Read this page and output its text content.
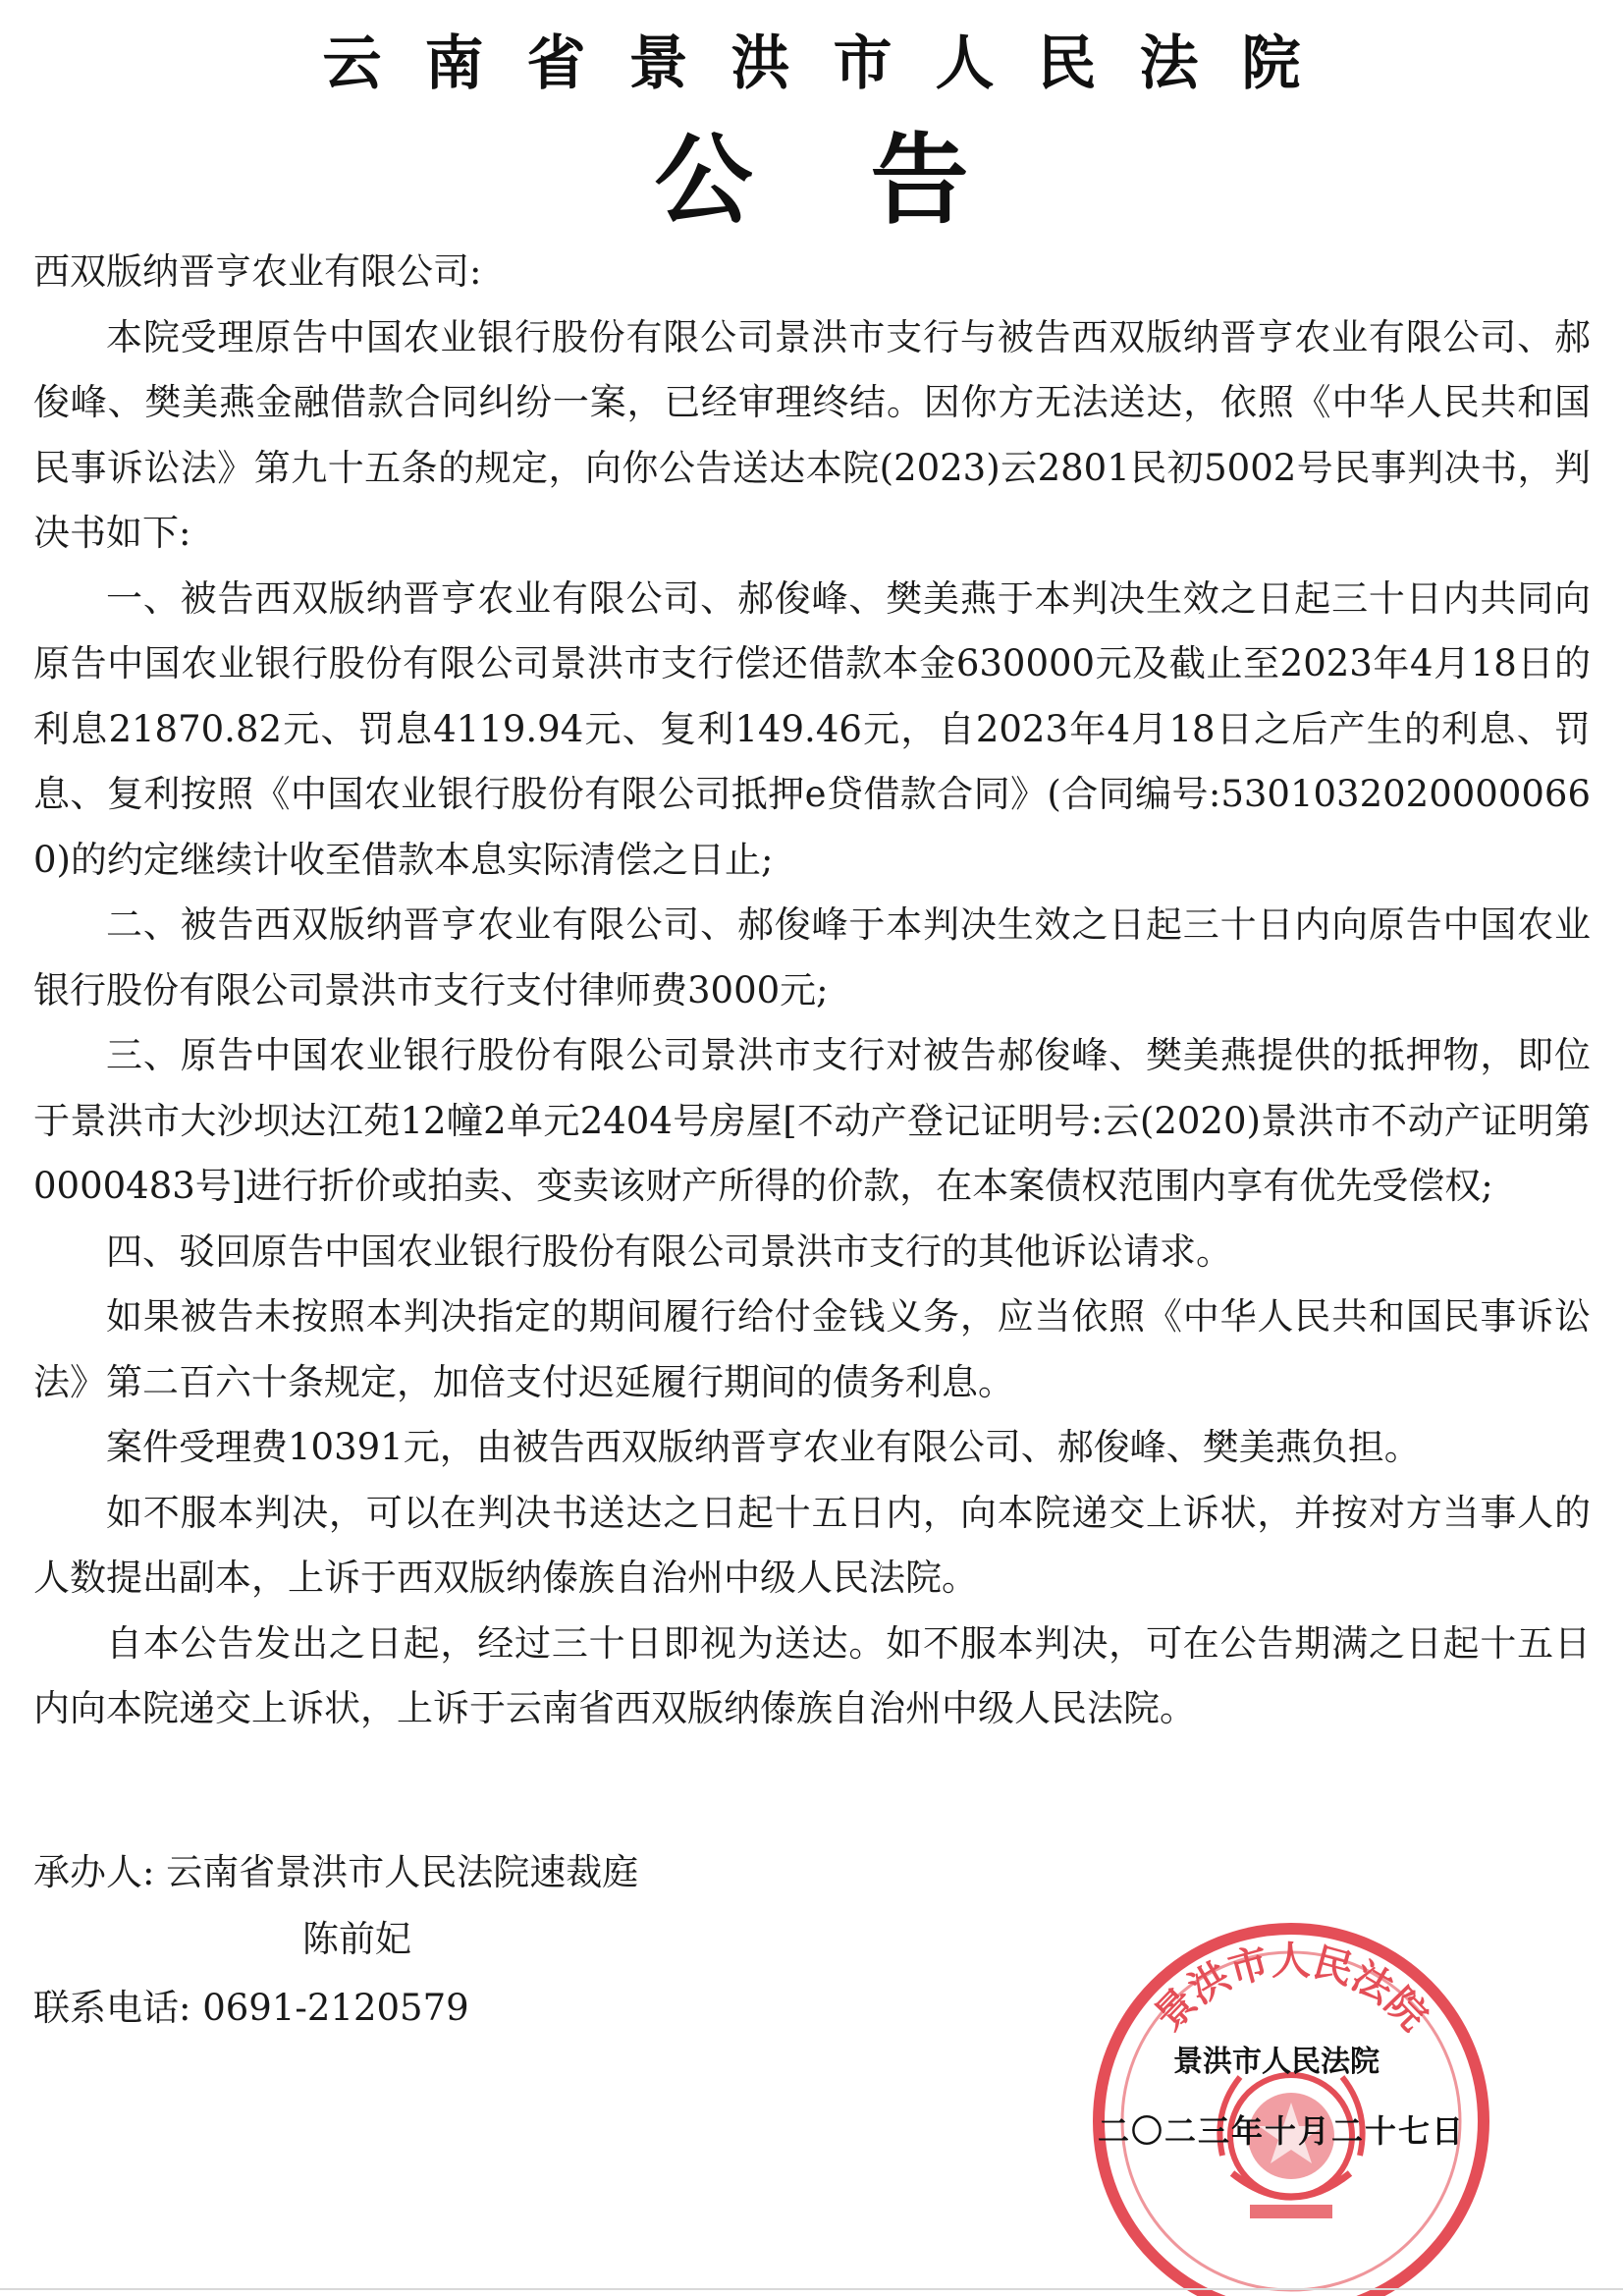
云南省景洪市人民法院
公告

西双版纳晋亨农业有限公司:

本院受理原告中国农业银行股份有限公司景洪市支行与被告西双版纳晋亨农业有限公司、郝俊峰、樊美燕金融借款合同纠纷一案，已经审理终结。因你方无法送达，依照《中华人民共和国民事诉讼法》第九十五条的规定，向你公告送达本院(2023)云2801民初5002号民事判决书，判决书如下:

一、被告西双版纳晋亨农业有限公司、郝俊峰、樊美燕于本判决生效之日起三十日内共同向原告中国农业银行股份有限公司景洪市支行偿还借款本金630000元及截止至2023年4月18日的利息21870.82元、罚息4119.94元、复利149.46元，自2023年4月18日之后产生的利息、罚息、复利按照《中国农业银行股份有限公司抵押e贷借款合同》(合同编号:53010320200000660)的约定继续计收至借款本息实际清偿之日止;

二、被告西双版纳晋亨农业有限公司、郝俊峰于本判决生效之日起三十日内向原告中国农业银行股份有限公司景洪市支行支付律师费3000元;

三、原告中国农业银行股份有限公司景洪市支行对被告郝俊峰、樊美燕提供的抵押物，即位于景洪市大沙坝达江苑12幢2单元2404号房屋[不动产登记证明号:云(2020)景洪市不动产证明第0000483号]进行折价或拍卖、变卖该财产所得的价款，在本案债权范围内享有优先受偿权;

四、驳回原告中国农业银行股份有限公司景洪市支行的其他诉讼请求。

如果被告未按照本判决指定的期间履行给付金钱义务，应当依照《中华人民共和国民事诉讼法》第二百六十条规定，加倍支付迟延履行期间的债务利息。

案件受理费10391元，由被告西双版纳晋亨农业有限公司、郝俊峰、樊美燕负担。

如不服本判决，可以在判决书送达之日起十五日内，向本院递交上诉状，并按对方当事人的人数提出副本，上诉于西双版纳傣族自治州中级人民法院。

自本公告发出之日起，经过三十日即视为送达。如不服本判决，可在公告期满之日起十五日内向本院递交上诉状，上诉于云南省西双版纳傣族自治州中级人民法院。

承办人: 云南省景洪市人民法院速裁庭
陈前妃
联系电话: 0691-2120579	景洪市人民法院
景洪市人民法院
二〇二三年十月二十七日
